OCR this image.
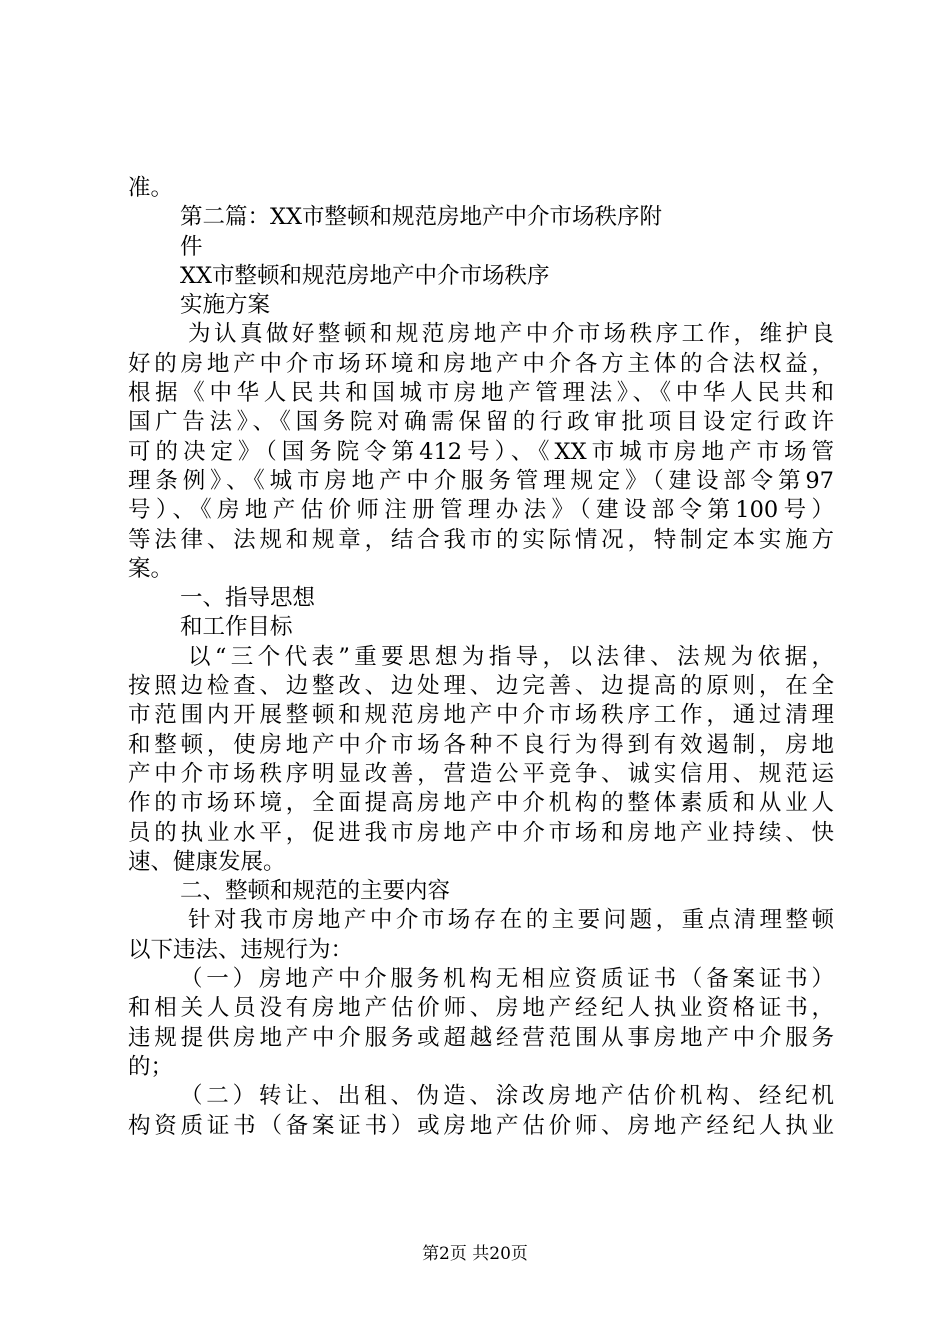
准。
第二篇：XX市整顿和规范房地产中介市场秩序附
件
XX市整顿和规范房地产中介市场秩序
实施方案
为认真做好整顿和规范房地产中介市场秩序工作，维护良
好的房地产中介市场环境和房地产中介各方主体的合法权益，
根据《中华人民共和国城市房地产管理法》、《中华人民共和
国广告法》、《国务院对确需保留的行政审批项目设定行政许
可的决定》（国务院令第412号）、《XX市城市房地产市场管
理条例》、《城市房地产中介服务管理规定》（建设部令第97
号）、《房地产估价师注册管理办法》（建设部令第100号）
等法律、法规和规章，结合我市的实际情况，特制定本实施方
案。
一、指导思想
和工作目标
以“三个代表”重要思想为指导，以法律、法规为依据，
按照边检查、边整改、边处理、边完善、边提高的原则，在全
市范围内开展整顿和规范房地产中介市场秩序工作，通过清理
和整顿，使房地产中介市场各种不良行为得到有效遏制，房地
产中介市场秩序明显改善，营造公平竞争、诚实信用、规范运
作的市场环境，全面提高房地产中介机构的整体素质和从业人
员的执业水平，促进我市房地产中介市场和房地产业持续、快
速、健康发展。
二、整顿和规范的主要内容
针对我市房地产中介市场存在的主要问题，重点清理整顿
以下违法、违规行为：
（一）房地产中介服务机构无相应资质证书（备案证书）
和相关人员没有房地产估价师、房地产经纪人执业资格证书，
违规提供房地产中介服务或超越经营范围从事房地产中介服务
的；
（二）转让、出租、伪造、涂改房地产估价机构、经纪机
构资质证书（备案证书）或房地产估价师、房地产经纪人执业
第2页 共20页
